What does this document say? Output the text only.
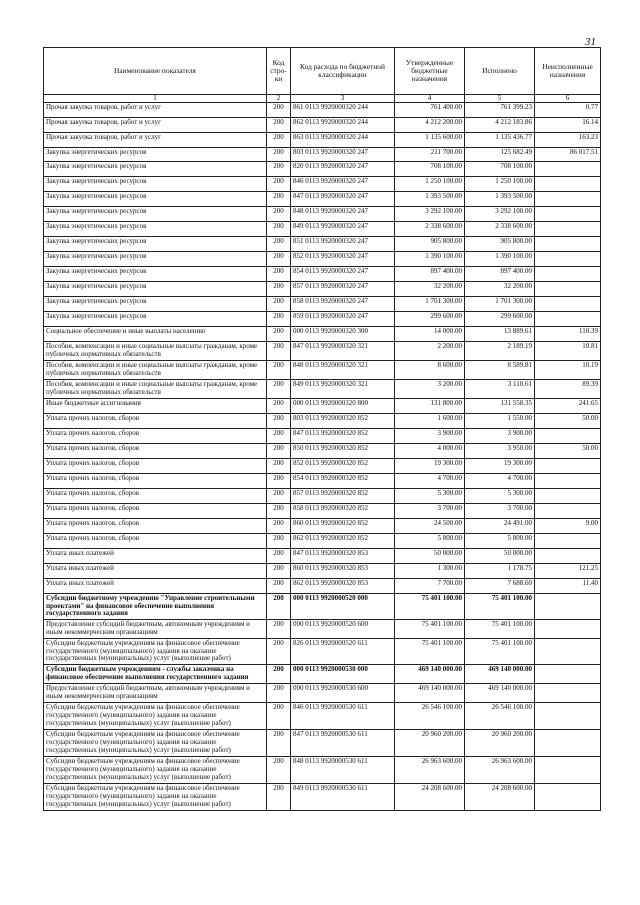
31
Наименование показателя	Код стро-ки	Код расхода по бюджетной классификации	Утвержденные бюджетные назначения	Исполнено	Неисполненные назначения
1	2	3	4	5	6
Прочая закупка товаров, работ и услуг	200	861 0113 9920000320 244	761 400.00	761 399.23	0.77
Прочая закупка товаров, работ и услуг	200	862 0113 9920000320 244	4 212 200.00	4 212 183.86	16.14
Прочая закупка товаров, работ и услуг	200	863 0113 9920000320 244	1 135 600.00	1 135 436.77	163.23
Закупка энергетических ресурсов	200	803 0113 9920000320 247	211 700.00	125 682.49	86 017.51
Закупка энергетических ресурсов	200	820 0113 9920000320 247	708 100.00	708 100.00	
Закупка энергетических ресурсов	200	846 0113 9920000320 247	1 250 100.00	1 250 100.00	
Закупка энергетических ресурсов	200	847 0113 9920000320 247	1 393 500.00	1 393 500.00	
Закупка энергетических ресурсов	200	848 0113 9920000320 247	3 292 100.00	3 292 100.00	
Закупка энергетических ресурсов	200	849 0113 9920000320 247	2 338 600.00	2 338 600.00	
Закупка энергетических ресурсов	200	851 0113 9920000320 247	905 800.00	905 800.00	
Закупка энергетических ресурсов	200	852 0113 9920000320 247	1 390 100.00	1 390 100.00	
Закупка энергетических ресурсов	200	854 0113 9920000320 247	897 400.00	897 400.00	
Закупка энергетических ресурсов	200	857 0113 9920000320 247	32 200.00	32 200.00	
Закупка энергетических ресурсов	200	858 0113 9920000320 247	1 701 300.00	1 701 300.00	
Закупка энергетических ресурсов	200	859 0113 9920000320 247	299 600.00	299 600.00	
Социальное обеспечение и иные выплаты населению	200	000 0113 9920000320 300	14 000.00	13 889.61	110.39
Пособия, компенсации и иные социальные выплаты гражданам, кроме публичных нормативных обязательств	200	847 0113 9920000320 321	2 200.00	2 189.19	10.81
Пособия, компенсации и иные социальные выплаты гражданам, кроме публичных нормативных обязательств	200	848 0113 9920000320 321	8 600.00	8 589.81	10.19
Пособия, компенсации и иные социальные выплаты гражданам, кроме публичных нормативных обязательств	200	849 0113 9920000320 321	3 200.00	3 110.61	89.39
Иные бюджетные ассигнования	200	000 0113 9920000320 800	131 800.00	131 558.35	241.65
Уплата прочих налогов, сборов	200	803 0113 9920000320 852	1 600.00	1 550.00	50.00
Уплата прочих налогов, сборов	200	847 0113 9920000320 852	3 900.00	3 900.00	
Уплата прочих налогов, сборов	200	850 0113 9920000320 852	4 000.00	3 950.00	50.00
Уплата прочих налогов, сборов	200	852 0113 9920000320 852	19 300.00	19 300.00	
Уплата прочих налогов, сборов	200	854 0113 9920000320 852	4 700.00	4 700.00	
Уплата прочих налогов, сборов	200	857 0113 9920000320 852	5 300.00	5 300.00	
Уплата прочих налогов, сборов	200	858 0113 9920000320 852	3 700.00	3 700.00	
Уплата прочих налогов, сборов	200	860 0113 9920000320 852	24 500.00	24 491.00	9.00
Уплата прочих налогов, сборов	200	862 0113 9920000320 852	5 800.00	5 800.00	
Уплата иных платежей	200	847 0113 9920000320 853	50 000.00	50 000.00	
Уплата иных платежей	200	860 0113 9920000320 853	1 300.00	1 178.75	121.25
Уплата иных платежей	200	862 0113 9920000320 853	7 700.00	7 688.60	11.40
Субсидии бюджетному учреждению "Управление строительными проектами" на финансовое обеспечение выполнения государственного задания	200	000 0113 9920000520 000	75 401 100.00	75 401 100.00	
Предоставление субсидий бюджетным, автономным учреждениям и иным некоммерческим организациям	200	000 0113 9920000520 600	75 401 100.00	75 401 100.00	
Субсидии бюджетным учреждениям на финансовое обеспечение государственного (муниципального) задания на оказание государственных (муниципальных) услуг (выполнение работ)	200	826 0113 9920000520 611	75 401 100.00	75 401 100.00	
Субсидии бюджетным учреждениям - службы заказчика на финансовое обеспечение выполнения государственного задания	200	000 0113 9920000530 000	469 140 000.00	469 140 000.00	
Предоставление субсидий бюджетным, автономным учреждениям и иным некоммерческим организациям	200	000 0113 9920000530 600	469 140 000.00	469 140 000.00	
Субсидии бюджетным учреждениям на финансовое обеспечение государственного (муниципального) задания на оказание государственных (муниципальных) услуг (выполнение работ)	200	846 0113 9920000530 611	26 546 100.00	26 546 100.00	
Субсидии бюджетным учреждениям на финансовое обеспечение государственного (муниципального) задания на оказание государственных (муниципальных) услуг (выполнение работ)	200	847 0113 9920000530 611	20 960 200.00	20 960 200.00	
Субсидии бюджетным учреждениям на финансовое обеспечение государственного (муниципального) задания на оказание государственных (муниципальных) услуг (выполнение работ)	200	848 0113 9920000530 611	26 963 600.00	26 963 600.00	
Субсидии бюджетным учреждениям на финансовое обеспечение государственного (муниципального) задания на оказание государственных (муниципальных) услуг (выполнение работ)	200	849 0113 9920000530 611	24 208 600.00	24 208 600.00	
